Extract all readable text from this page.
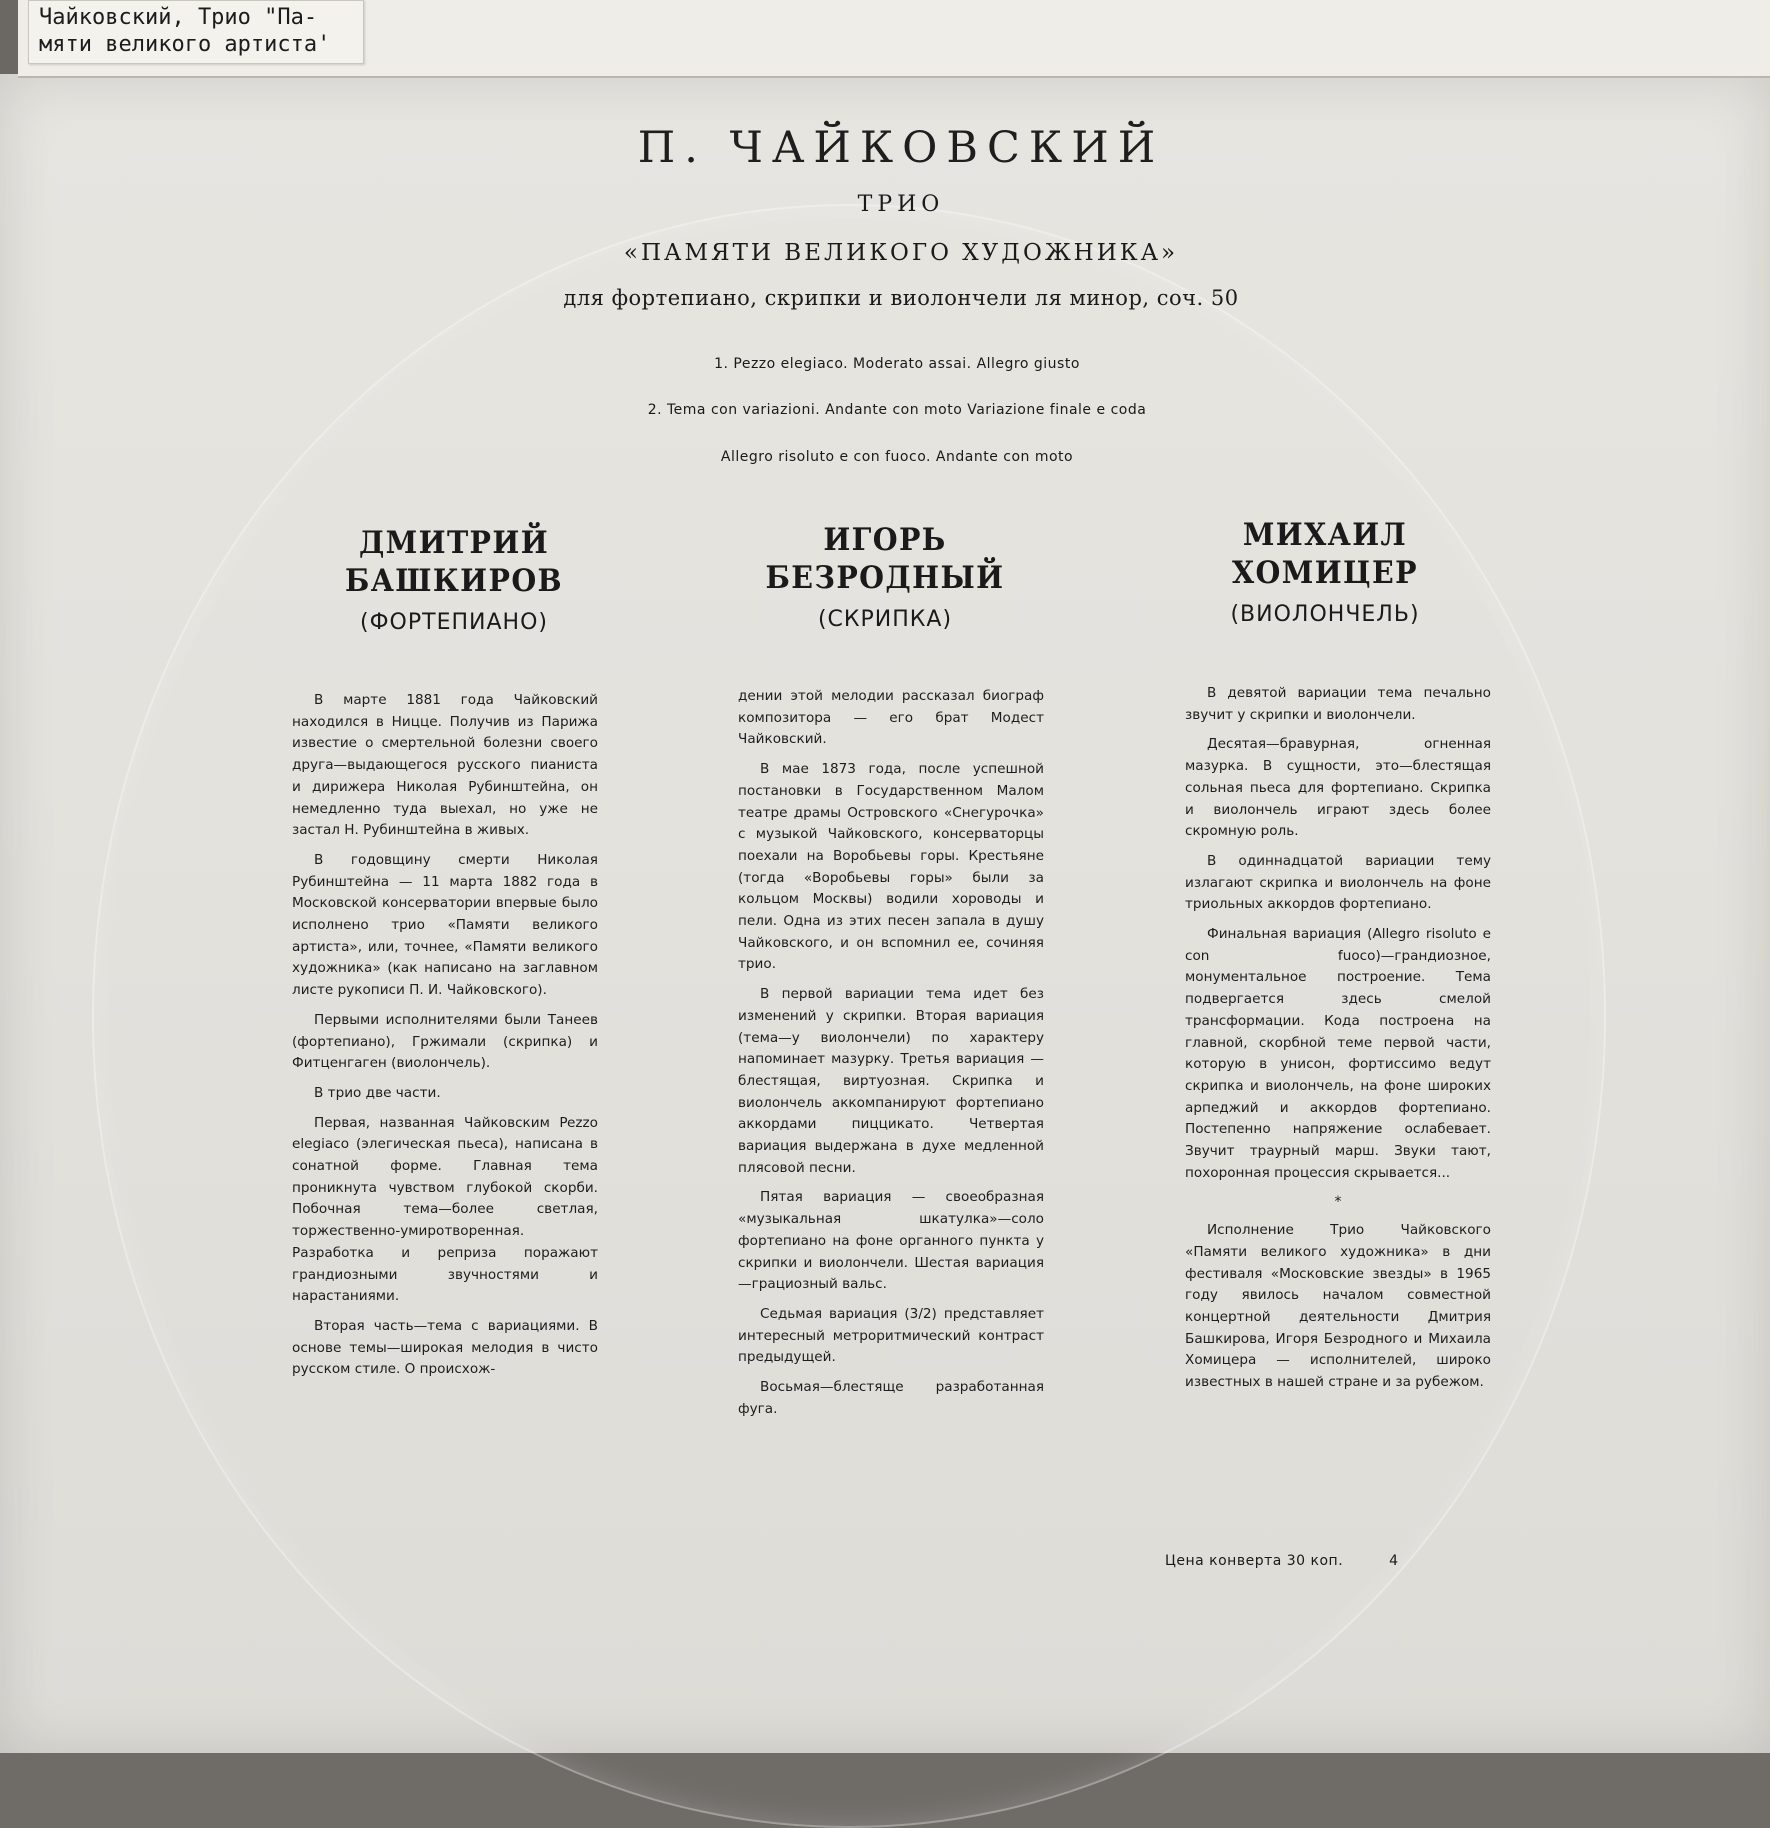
Чайковский, Трио "Па-
мяти великого артиста'
П. ЧАЙКОВСКИЙ
ТРИО
«ПАМЯТИ ВЕЛИКОГО ХУДОЖНИКА»
для фортепиано, скрипки и виолончели ля минор, соч. 50
1. Pezzo elegiaco. Moderato assai. Allegro giusto
2. Tema con variazioni. Andante con moto Variazione finale e coda
Allegro risoluto e con fuoco. Andante con moto
ДМИТРИЙ
БАШКИРОВ
(ФОРТЕПИАНО)
ИГОРЬ
БЕЗРОДНЫЙ
(СКРИПКА)
МИХАИЛ
ХОМИЦЕР
(ВИОЛОНЧЕЛЬ)

В марте 1881 года Чайковский находился в Ницце. Получив из Парижа известие о смертельной болезни своего друга—выдающегося русского пианиста и дирижера Николая Рубинштейна, он немедленно туда выехал, но уже не застал Н. Рубинштейна в живых.

В годовщину смерти Николая Рубинштейна — 11 марта 1882 года в Московской консерватории впервые было исполнено трио «Памяти великого артиста», или, точнее, «Памяти великого художника» (как написано на заглавном листе рукописи П. И. Чайковского).

Первыми исполнителями были Танеев (фортепиано), Гржимали (скрипка) и Фитценгаген (виолончель).

В трио две части.

Первая, названная Чайковским Pezzo elegiaco (элегическая пьеса), написана в сонатной форме. Главная тема проникнута чувством глубокой скорби. Побочная тема—более светлая, торжественно-умиротворенная. Разработка и реприза поражают грандиозными звучностями и нарастаниями.

Вторая часть—тема с вариациями. В основе темы—широкая мелодия в чисто русском стиле. О происхож-

дении этой мелодии рассказал биограф композитора — его брат Модест Чайковский.

В мае 1873 года, после успешной постановки в Государственном Малом театре драмы Островского «Снегурочка» с музыкой Чайковского, консерваторцы поехали на Воробьевы горы. Крестьяне (тогда «Воробьевы горы» были за кольцом Москвы) водили хороводы и пели. Одна из этих песен запала в душу Чайковского, и он вспомнил ее, сочиняя трио.

В первой вариации тема идет без изменений у скрипки. Вторая вариация (тема—у виолончели) по характеру напоминает мазурку. Третья вариация — блестящая, виртуозная. Скрипка и виолончель аккомпанируют фортепиано аккордами пиццикато. Четвертая вариация выдержана в духе медленной плясовой песни.

Пятая вариация — своеобразная «музыкальная шкатулка»—соло фортепиано на фоне органного пункта у скрипки и виолончели. Шестая вариация—грациозный вальс.

Седьмая вариация (3/2) представляет интересный метроритмический контраст предыдущей.

Восьмая—блестяще разработанная фуга.

В девятой вариации тема печально звучит у скрипки и виолончели.

Десятая—бравурная, огненная мазурка. В сущности, это—блестящая сольная пьеса для фортепиано. Скрипка и виолончель играют здесь более скромную роль.

В одиннадцатой вариации тему излагают скрипка и виолончель на фоне триольных аккордов фортепиано.

Финальная вариация (Allegro risoluto e con fuoco)—грандиозное, монументальное построение. Тема подвергается здесь смелой трансформации. Кода построена на главной, скорбной теме первой части, которую в унисон, фортиссимо ведут скрипка и виолончель, на фоне широких арпеджий и аккордов фортепиано. Постепенно напряжение ослабевает. Звучит траурный марш. Звуки тают, похоронная процессия скрывается...

*

Исполнение Трио Чайковского «Памяти великого художника» в дни фестиваля «Московские звезды» в 1965 году явилось началом совместной концертной деятельности Дмитрия Башкирова, Игоря Безродного и Михаила Хомицера — исполнителей, широко известных в нашей стране и за рубежом.

Цена конверта 30 коп.	4
